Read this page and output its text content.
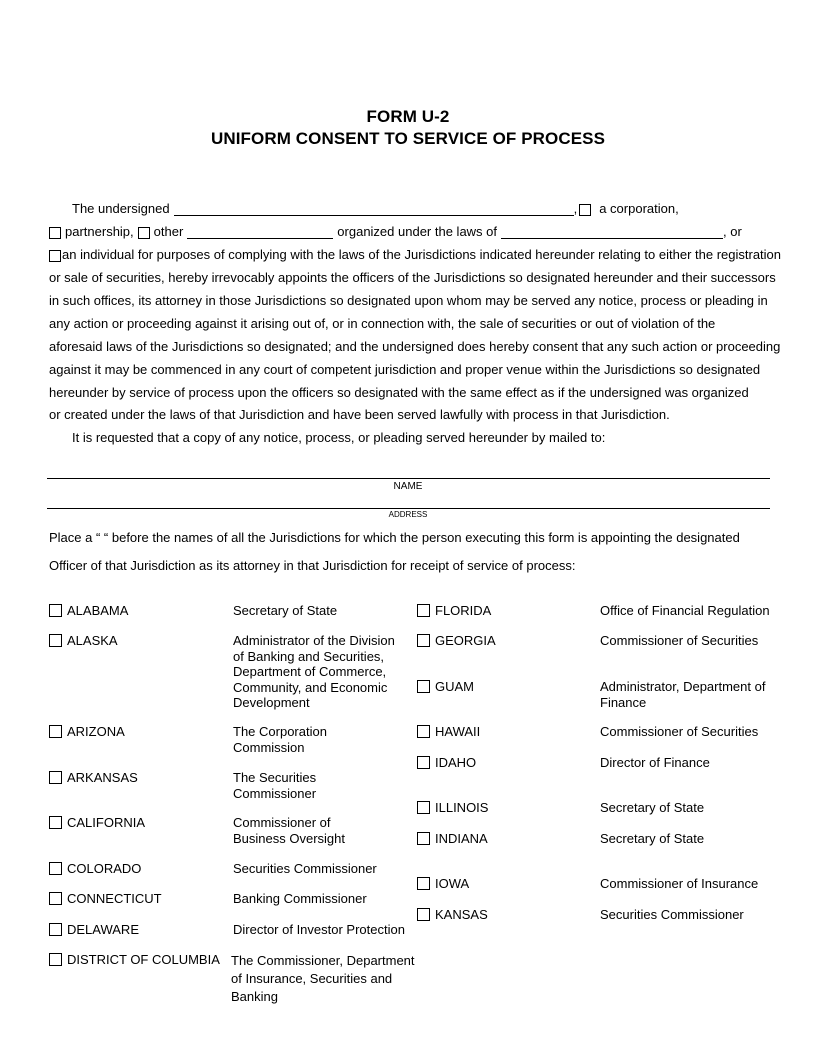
FORM U-2
UNIFORM CONSENT TO SERVICE OF PROCESS
The undersigned	, a corporation,
partnership, other	organized under the laws of	, or
an individual for purposes of complying with the laws of the Jurisdictions indicated hereunder relating to either the registration
or sale of securities, hereby irrevocably appoints the officers of the Jurisdictions so designated hereunder and their successors
in such offices, its attorney in those Jurisdictions so designated upon whom may be served any notice, process or pleading in
any action or proceeding against it arising out of, or in connection with, the sale of securities or out of violation of the
aforesaid laws of the Jurisdictions so designated; and the undersigned does hereby consent that any such action or proceeding
against it may be commenced in any court of competent jurisdiction and proper venue within the Jurisdictions so designated
hereunder by service of process upon the officers so designated with the same effect as if the undersigned was organized
or created under the laws of that Jurisdiction and have been served lawfully with process in that Jurisdiction.
It is requested that a copy of any notice, process, or pleading served hereunder by mailed to:
NAME
ADDRESS
Place a “ “ before the names of all the Jurisdictions for which the person executing this form is appointing the designated
Officer of that Jurisdiction as its attorney in that Jurisdiction for receipt of service of process:
ALABAMA	Secretary of State
ALASKA	Administrator of the Division
of Banking and Securities,
Department of Commerce,
Community, and Economic
Development
ARIZONA	The Corporation
Commission
ARKANSAS	The Securities
Commissioner
CALIFORNIA	Commissioner of
Business Oversight
COLORADO	Securities Commissioner
CONNECTICUT	Banking Commissioner
DELAWARE	Director of Investor Protection
DISTRICT OF COLUMBIA The Commissioner, Department
of Insurance, Securities and
Banking
FLORIDA	Office of Financial Regulation
GEORGIA	Commissioner of Securities
GUAM	Administrator, Department of
Finance
HAWAII	Commissioner of Securities
IDAHO	Director of Finance
ILLINOIS	Secretary of State
INDIANA	Secretary of State
IOWA	Commissioner of Insurance
KANSAS	Securities Commissioner
